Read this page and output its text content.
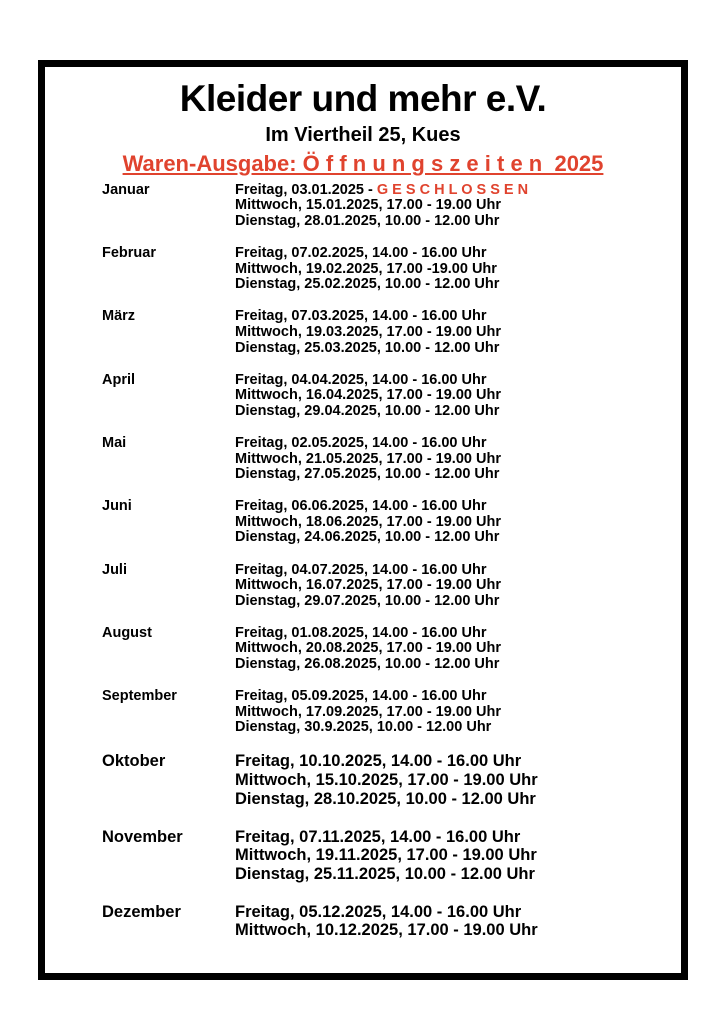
Kleider und mehr e.V.
Im Viertheil 25, Kues
Waren-Ausgabe: Ö f f n u n g s z e i t e n  2025
Januar	Freitag, 03.01.2025 - G E S C H L O S S E N
Mittwoch, 15.01.2025, 17.00 - 19.00 Uhr
Dienstag, 28.01.2025, 10.00 - 12.00 Uhr
Februar	Freitag, 07.02.2025, 14.00 - 16.00 Uhr
Mittwoch, 19.02.2025, 17.00 -19.00 Uhr
Dienstag, 25.02.2025, 10.00 - 12.00 Uhr
März	Freitag, 07.03.2025, 14.00 - 16.00 Uhr
Mittwoch, 19.03.2025, 17.00 - 19.00 Uhr
Dienstag, 25.03.2025, 10.00 - 12.00 Uhr
April	Freitag, 04.04.2025, 14.00 - 16.00 Uhr
Mittwoch, 16.04.2025, 17.00 - 19.00 Uhr
Dienstag, 29.04.2025, 10.00 - 12.00 Uhr
Mai	Freitag, 02.05.2025, 14.00 - 16.00 Uhr
Mittwoch, 21.05.2025, 17.00 - 19.00 Uhr
Dienstag, 27.05.2025, 10.00 - 12.00 Uhr
Juni	Freitag, 06.06.2025, 14.00 - 16.00 Uhr
Mittwoch, 18.06.2025, 17.00 - 19.00 Uhr
Dienstag, 24.06.2025, 10.00 - 12.00 Uhr
Juli	Freitag, 04.07.2025, 14.00 - 16.00 Uhr
Mittwoch, 16.07.2025, 17.00 - 19.00 Uhr
Dienstag, 29.07.2025, 10.00 - 12.00 Uhr
August	Freitag, 01.08.2025, 14.00 - 16.00 Uhr
Mittwoch, 20.08.2025, 17.00 - 19.00 Uhr
Dienstag, 26.08.2025, 10.00 - 12.00 Uhr
September	Freitag, 05.09.2025, 14.00 - 16.00 Uhr
Mittwoch, 17.09.2025, 17.00 - 19.00 Uhr
Dienstag, 30.9.2025, 10.00 - 12.00 Uhr
Oktober	Freitag, 10.10.2025, 14.00 - 16.00 Uhr
Mittwoch, 15.10.2025, 17.00 - 19.00 Uhr
Dienstag, 28.10.2025, 10.00 - 12.00 Uhr
November	Freitag, 07.11.2025, 14.00 - 16.00 Uhr
Mittwoch, 19.11.2025, 17.00 - 19.00 Uhr
Dienstag, 25.11.2025, 10.00 - 12.00 Uhr
Dezember	Freitag, 05.12.2025, 14.00 - 16.00 Uhr
Mittwoch, 10.12.2025, 17.00 - 19.00 Uhr
